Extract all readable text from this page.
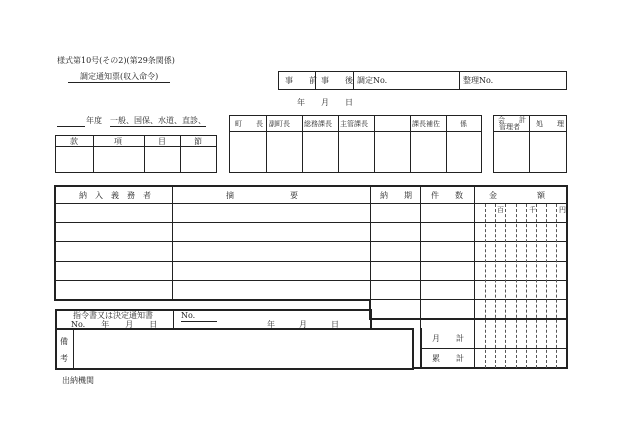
様式第10号(その2)(第29条関係)
調定通知票(収入命令)	事　　前 事　　後 調定No.	整理No.
年　　月　　日
年度 一般、国保、水道、直診、
款	項	目	節
町　　長 副町長 総務課長 主管課長	課長補佐	係	会　　計
管理者 処　　理
納　入　義　務　者	摘　　　　　　　要	納　　期 件　　数	金　　　　　額
百	千	円
指令書又は決定通知書
No.　　年　　月　　日
No.
年　　　月　　　日
備
考
月　　計
累　　計
出納機関
